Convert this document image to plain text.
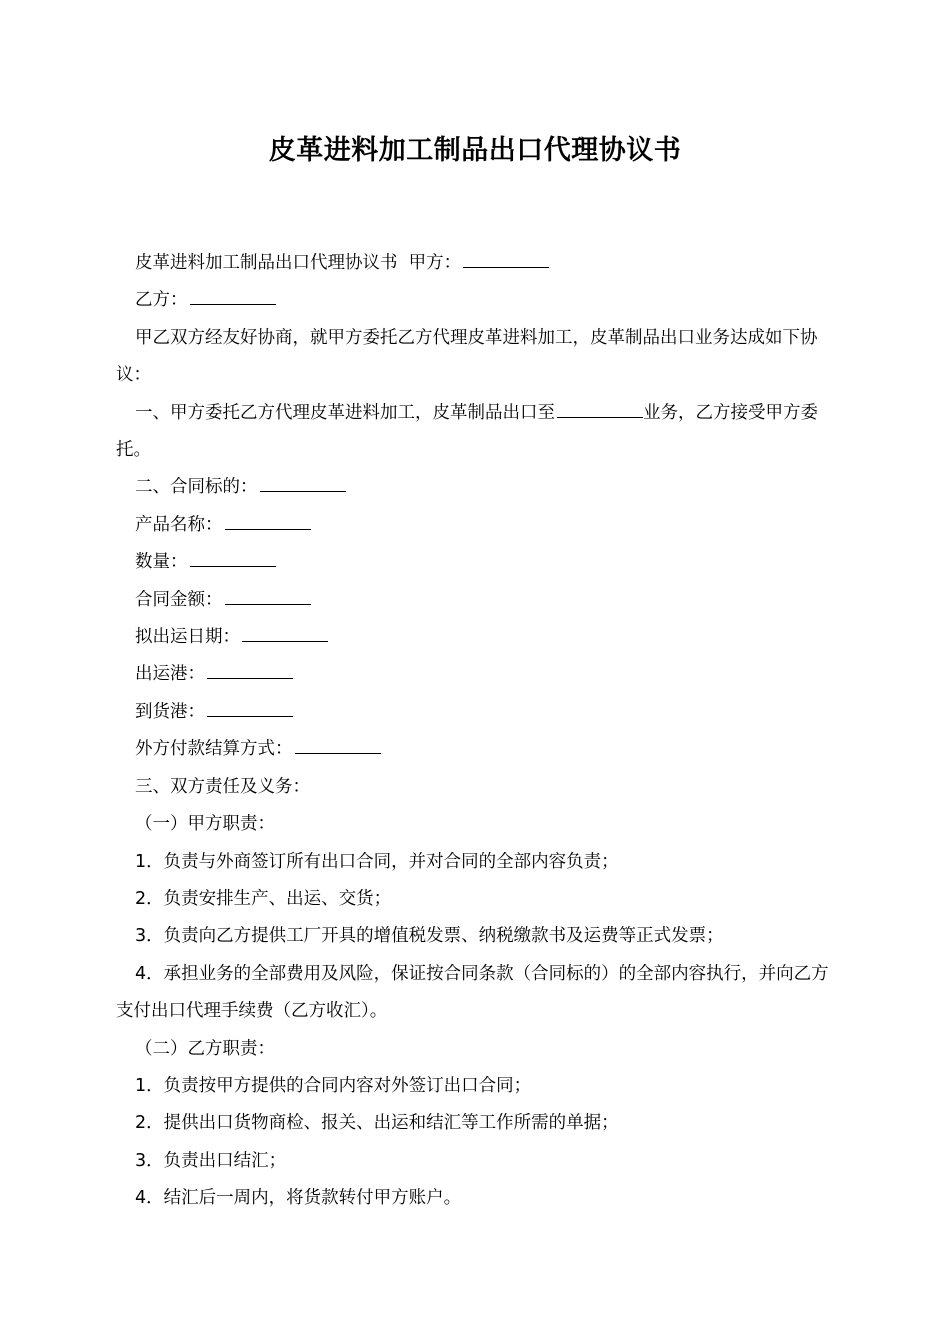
皮革进料加工制品出口代理协议书

皮革进料加工制品出口代理协议书 甲方：

乙方：

甲乙双方经友好协商，就甲方委托乙方代理皮革进料加工，皮革制品出口业务达成如下协议：

一、甲方委托乙方代理皮革进料加工，皮革制品出口至	业务，乙方接受甲方委托。

二、合同标的：

产品名称：

数量：

合同金额：

拟出运日期：

出运港：

到货港：

外方付款结算方式：

三、双方责任及义务：

（一）甲方职责：

1．负责与外商签订所有出口合同，并对合同的全部内容负责；

2．负责安排生产、出运、交货；

3．负责向乙方提供工厂开具的增值税发票、纳税缴款书及运费等正式发票；

4．承担业务的全部费用及风险，保证按合同条款（合同标的）的全部内容执行，并向乙方支付出口代理手续费（乙方收汇）。

（二）乙方职责：

1．负责按甲方提供的合同内容对外签订出口合同；

2．提供出口货物商检、报关、出运和结汇等工作所需的单据；

3．负责出口结汇；

4．结汇后一周内，将货款转付甲方账户。
